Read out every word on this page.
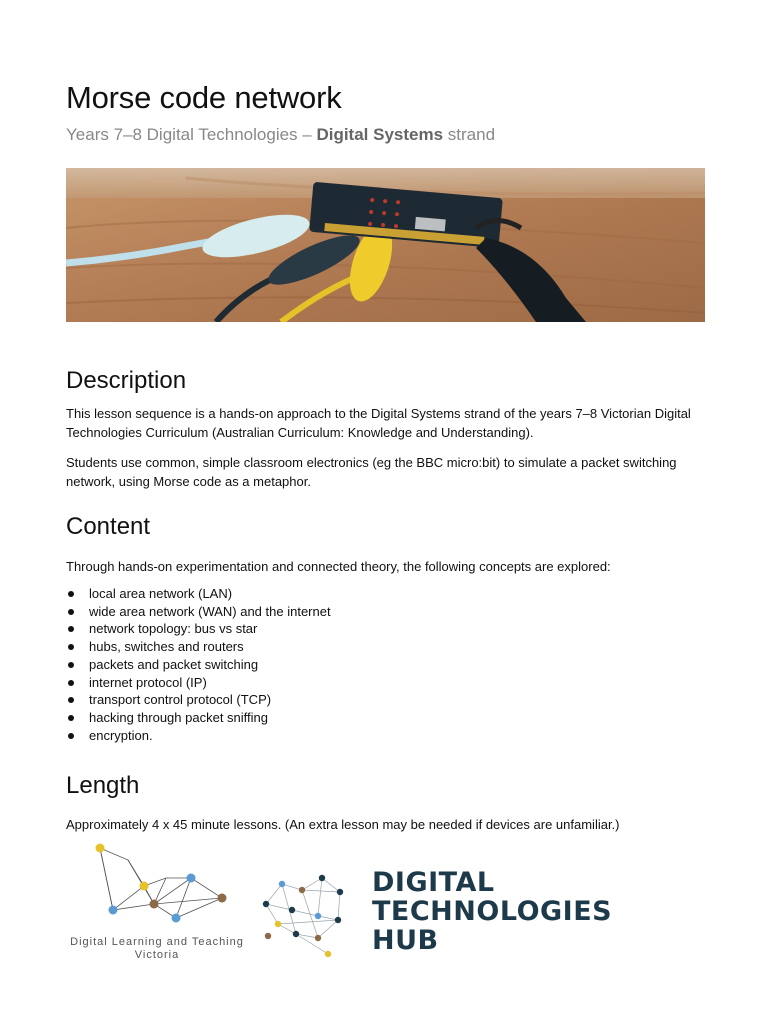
Morse code network

Years 7–8 Digital Technologies – Digital Systems strand

Description

This lesson sequence is a hands-on approach to the Digital Systems strand of the years 7–8 Victorian Digital Technologies Curriculum (Australian Curriculum: Knowledge and Understanding).

Students use common, simple classroom electronics (eg the BBC micro:bit) to simulate a packet switching network, using Morse code as a metaphor.

Content

Through hands-on experimentation and connected theory, the following concepts are explored:

local area network (LAN)
wide area network (WAN) and the internet
network topology: bus vs star
hubs, switches and routers
packets and packet switching
internet protocol (IP)
transport control protocol (TCP)
hacking through packet sniffing
encryption.
Length

Approximately 4 x 45 minute lessons. (An extra lesson may be needed if devices are unfamiliar.)

Digital Learning and Teaching
Victoria
DIGITAL
TECHNOLOGIES
HUB
